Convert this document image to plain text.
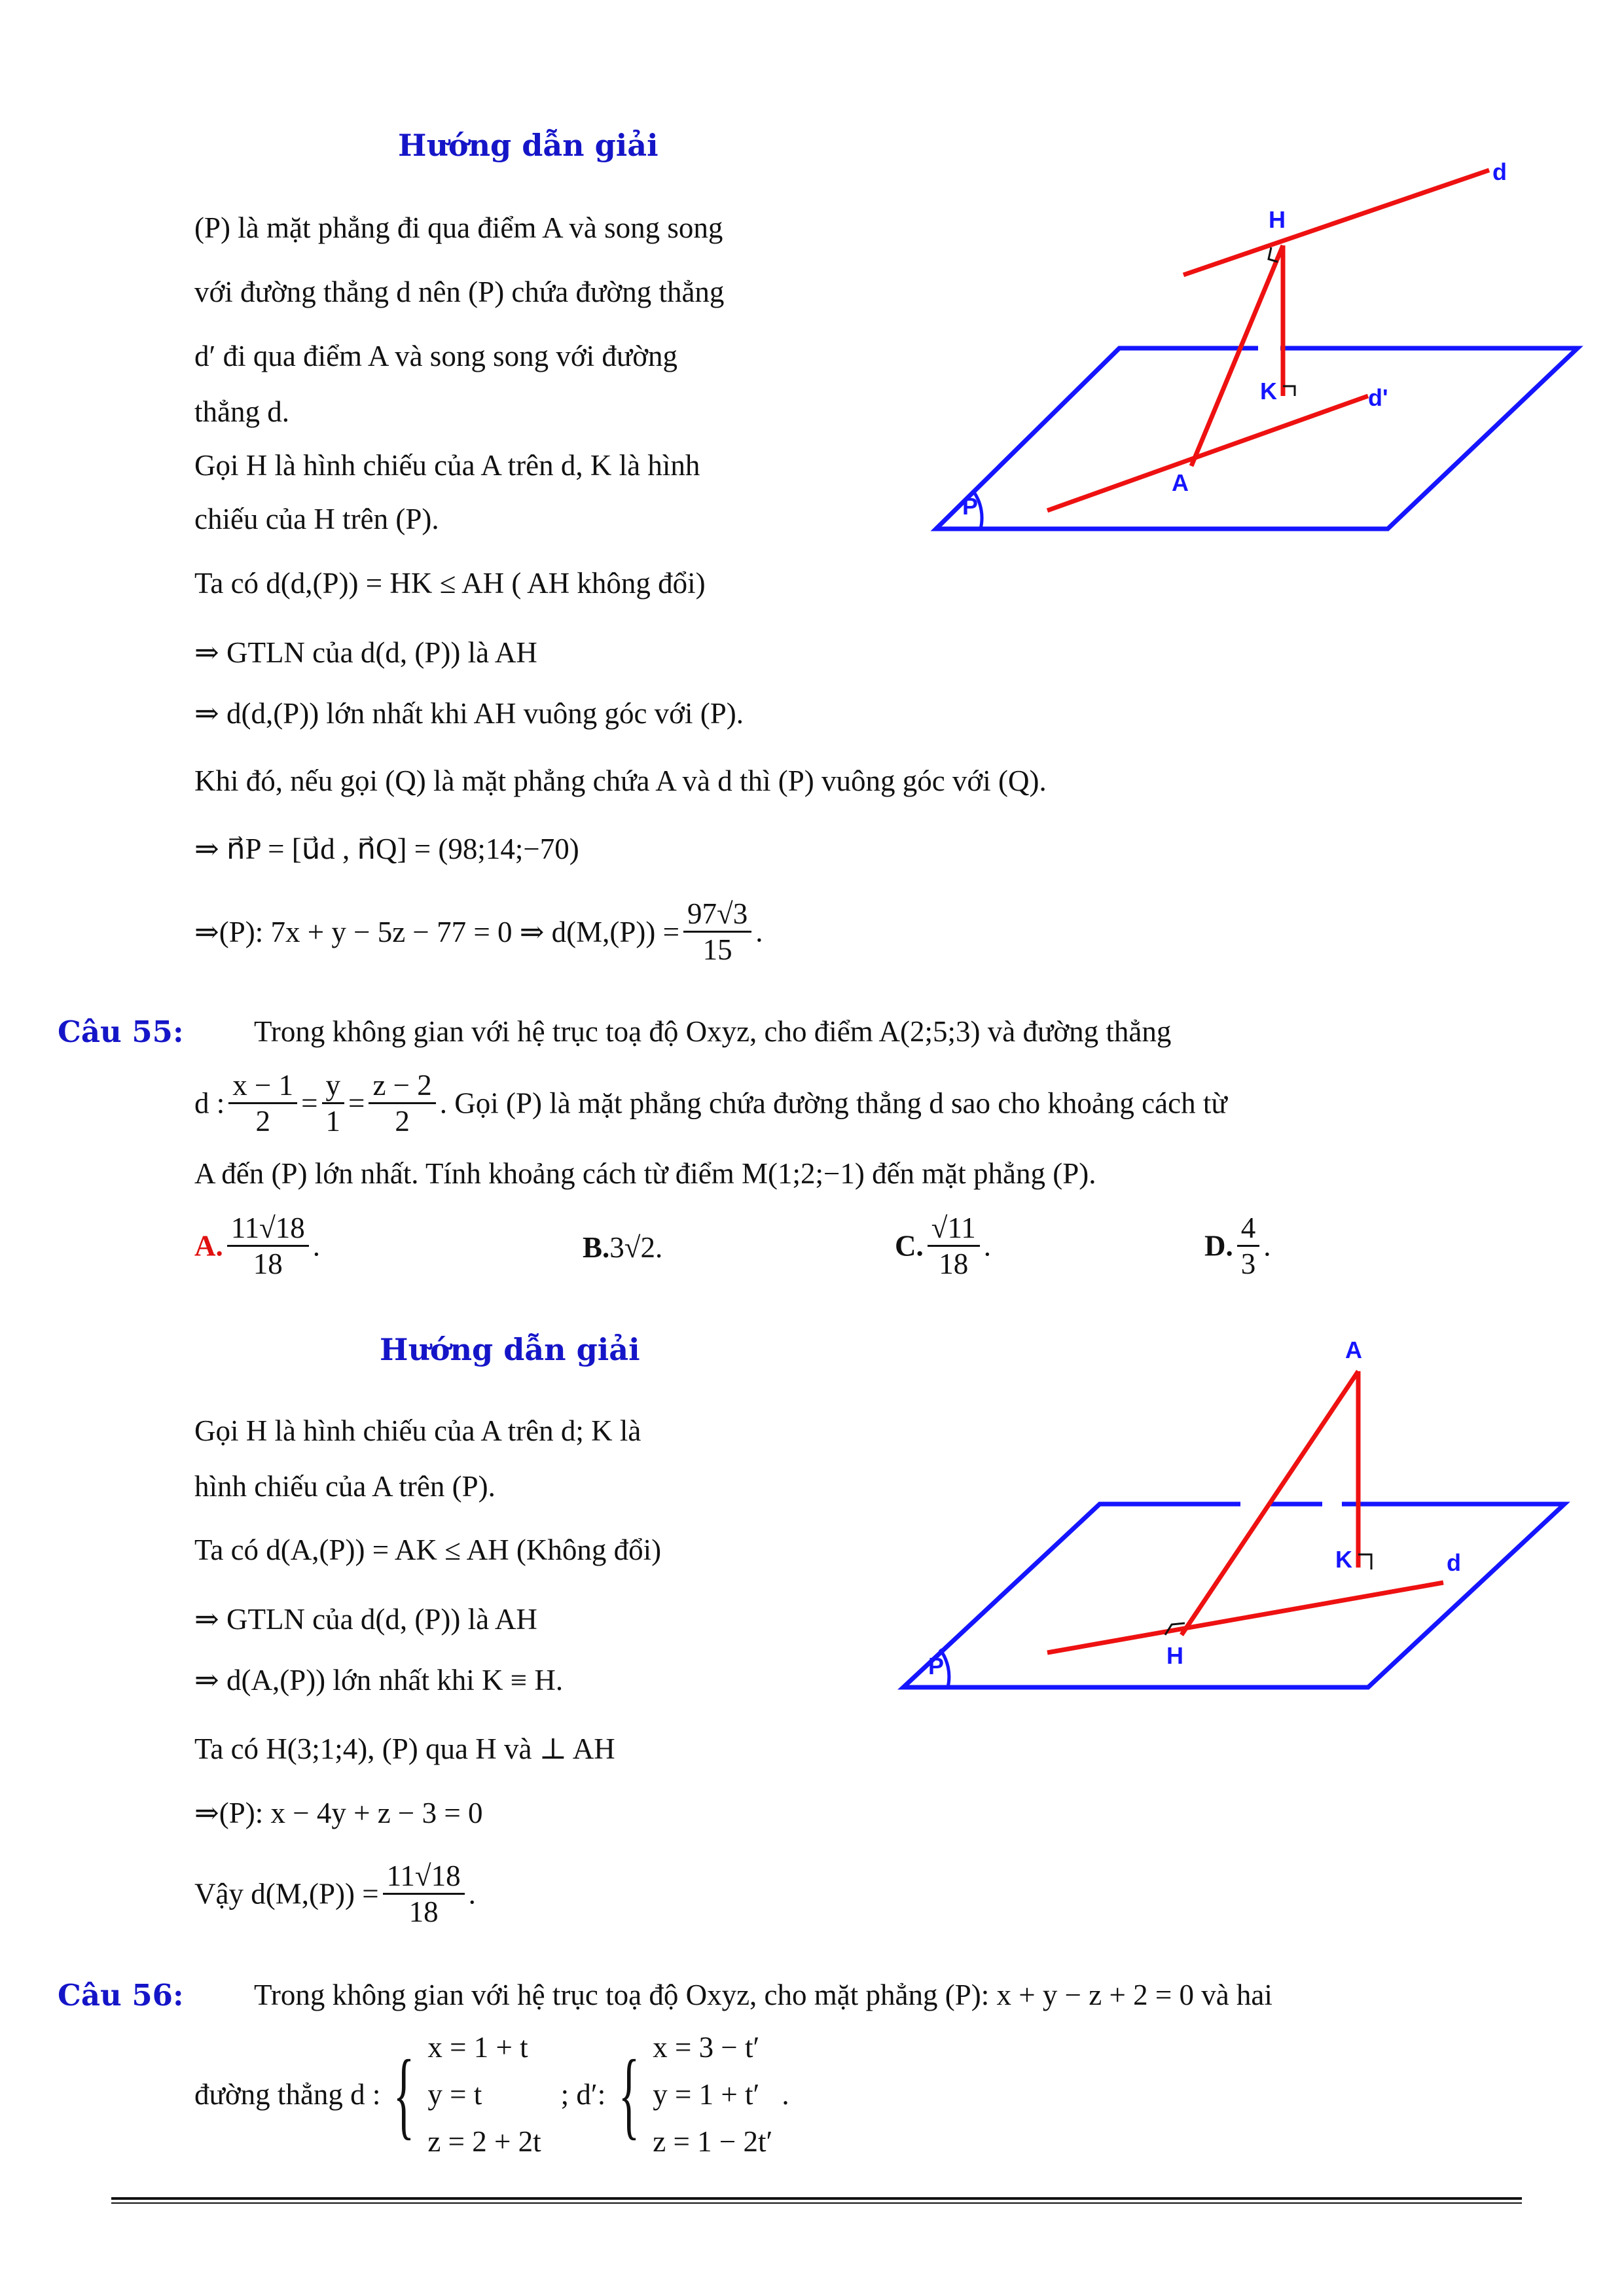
Hướng dẫn giải
(P) là mặt phẳng đi qua điểm A và song song
với đường thẳng d nên (P) chứa đường thẳng
d′ đi qua điểm A và song song với đường
thẳng d.
Gọi H là hình chiếu của A trên d, K là hình
chiếu của H trên (P).
Ta có d(d,(P)) = HK ≤ AH ( AH không đổi)
⇒ GTLN của d(d, (P)) là AH
⇒ d(d,(P)) lớn nhất khi AH vuông góc với (P).
Khi đó, nếu gọi (Q) là mặt phẳng chứa A và d thì (P) vuông góc với (Q).
⇒ n⃗P = [u⃗d , n⃗Q] = (98;14;−70)
⇒(P): 7x + y − 5z − 77 = 0 ⇒ $d(M,(P)) = \frac{97√3}{15}$ .
d
H
K	d'
A
P
Câu 55: Trong không gian với hệ trục toạ độ Oxyz, cho điểm A(2;5;3) và đường thẳng
d : $\frac{x - 1}{2} = \frac{y}{1} = \frac{z - 2}{2}$ . Gọi (P) là mặt phẳng chứa đường thẳng d sao cho khoảng cách từ
A đến (P) lớn nhất. Tính khoảng cách từ điểm M(1;2;−1) đến mặt phẳng (P).
A. $\frac{11√18}{18}$ .	B.3√2.	C. $\frac{√11}{18}$ .	D. $\frac{4}{3}$ .
Hướng dẫn giải
Gọi H là hình chiếu của A trên d; K là
hình chiếu của A trên (P).
Ta có d(A,(P)) = AK ≤ AH (Không đổi)
⇒ GTLN của d(d, (P)) là AH
⇒ d(A,(P)) lớn nhất khi K ≡ H.
Ta có H(3;1;4), (P) qua H và ⊥ AH
⇒(P): x − 4y + z − 3 = 0
Vậy $d(M,(P)) = \frac{11√18}{18}$ .
A
K	d
H
P
Câu 56: Trong không gian với hệ trục toạ độ Oxyz, cho mặt phẳng (P): x + y − z + 2 = 0 và hai
đường thẳng d : { x = 1 + t
y = t
z = 2 + 2t
; d′: { x = 3 − t′
y = 1 + t′
z = 1 − 2t′
.
